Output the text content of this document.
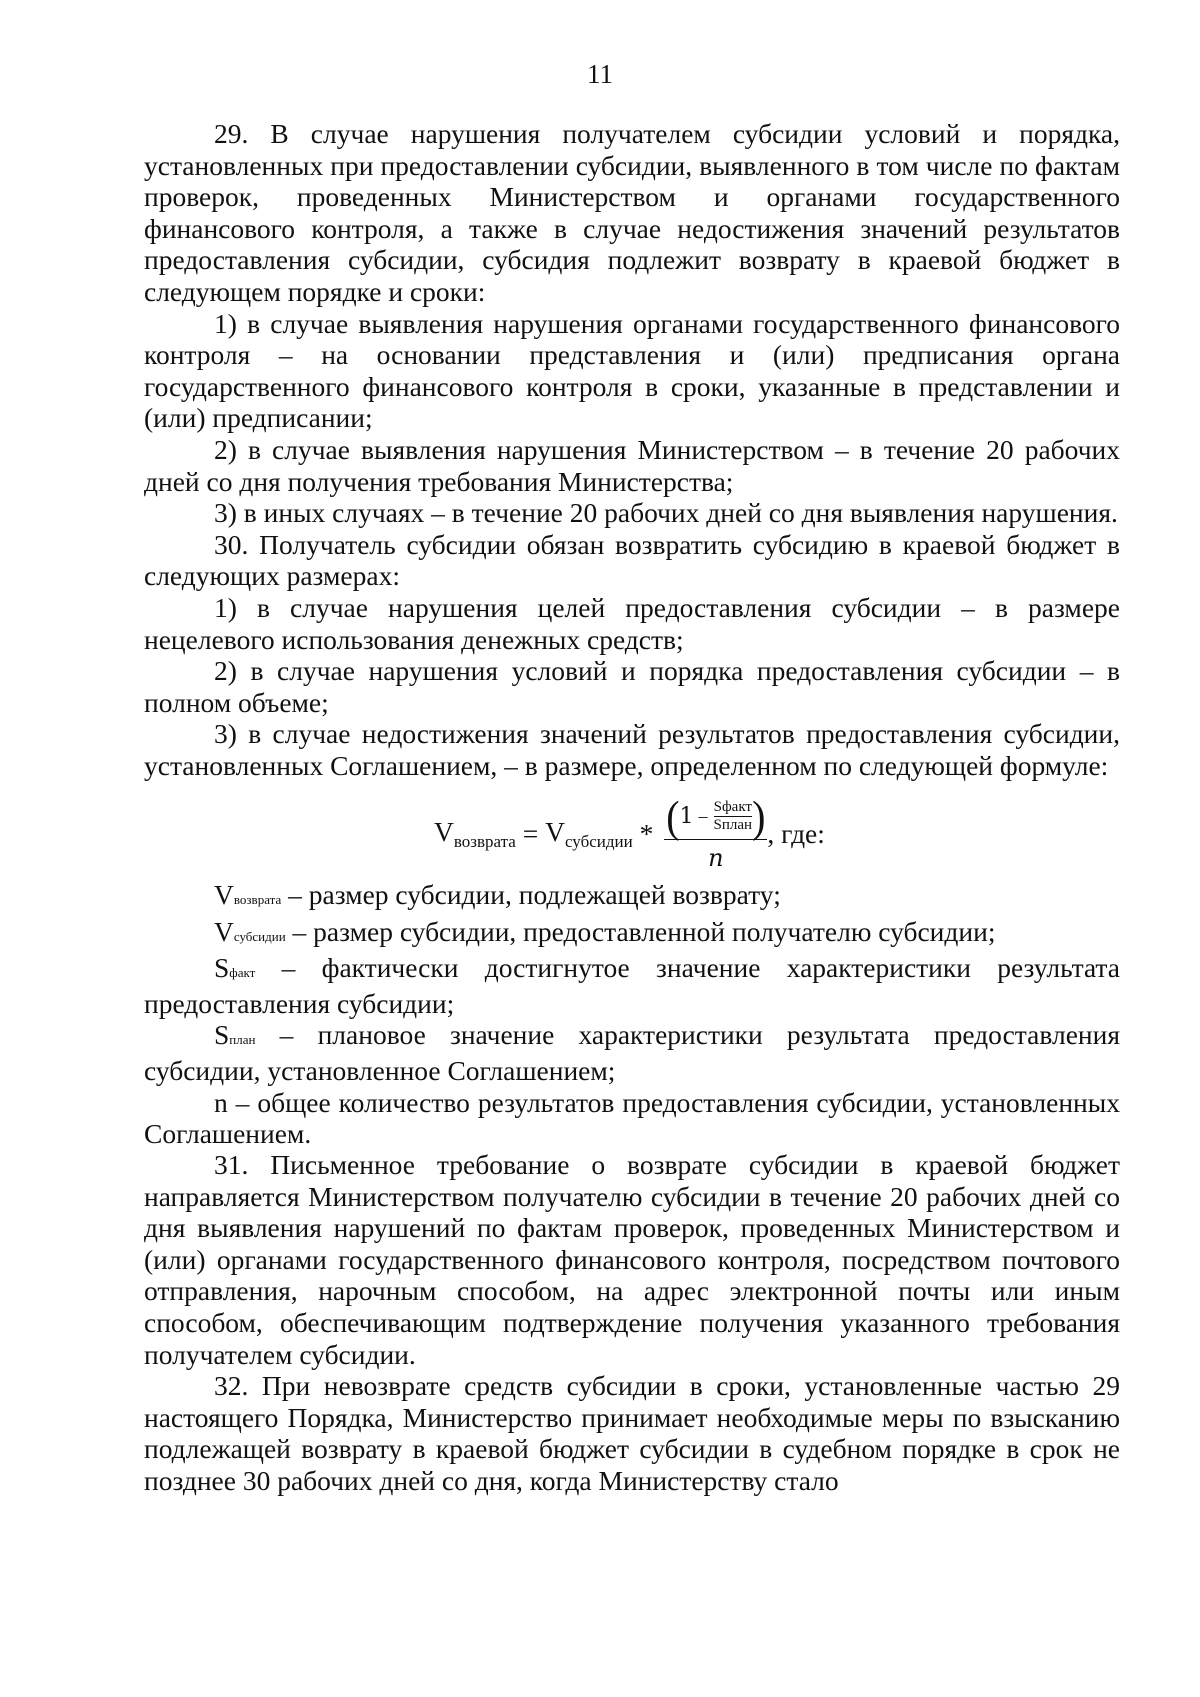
11

29. В случае нарушения получателем субсидии условий и порядка, установленных при предоставлении субсидии, выявленного в том числе по фактам проверок, проведенных Министерством и органами государственного финансового контроля, а также в случае недостижения значений результатов предоставления субсидии, субсидия подлежит возврату в краевой бюджет в следующем порядке и сроки:

1) в случае выявления нарушения органами государственного финансового контроля – на основании представления и (или) предписания органа государственного финансового контроля в сроки, указанные в представлении и (или) предписании;

2) в случае выявления нарушения Министерством – в течение 20 рабочих дней со дня получения требования Министерства;

3) в иных случаях – в течение 20 рабочих дней со дня выявления нарушения.

30. Получатель субсидии обязан возвратить субсидию в краевой бюджет в следующих размерах:

1) в случае нарушения целей предоставления субсидии – в размере нецелевого использования денежных средств;

2) в случае нарушения условий и порядка предоставления субсидии – в полном объеме;

3) в случае недостижения значений результатов предоставления субсидии, установленных Соглашением, – в размере, определенном по следующей формуле:

$V_{возврата} = V_{субсидии}$ * ( $1 - \frac{\text{Sфакт}}{\text{Sплан}}$ )
n
, где:

Vвозврата – размер субсидии, подлежащей возврату;

Vсубсидии – размер субсидии, предоставленной получателю субсидии;

Sфакт – фактически достигнутое значение характеристики результата предоставления субсидии;

Sплан – плановое значение характеристики результата предоставления субсидии, установленное Соглашением;

n – общее количество результатов предоставления субсидии, установленных Соглашением.

31. Письменное требование о возврате субсидии в краевой бюджет направляется Министерством получателю субсидии в течение 20 рабочих дней со дня выявления нарушений по фактам проверок, проведенных Министерством и (или) органами государственного финансового контроля, посредством почтового отправления, нарочным способом, на адрес электронной почты или иным способом, обеспечивающим подтверждение получения указанного требования получателем субсидии.

32. При невозврате средств субсидии в сроки, установленные частью 29 настоящего Порядка, Министерство принимает необходимые меры по взысканию подлежащей возврату в краевой бюджет субсидии в судебном порядке в срок не позднее 30 рабочих дней со дня, когда Министерству стало
